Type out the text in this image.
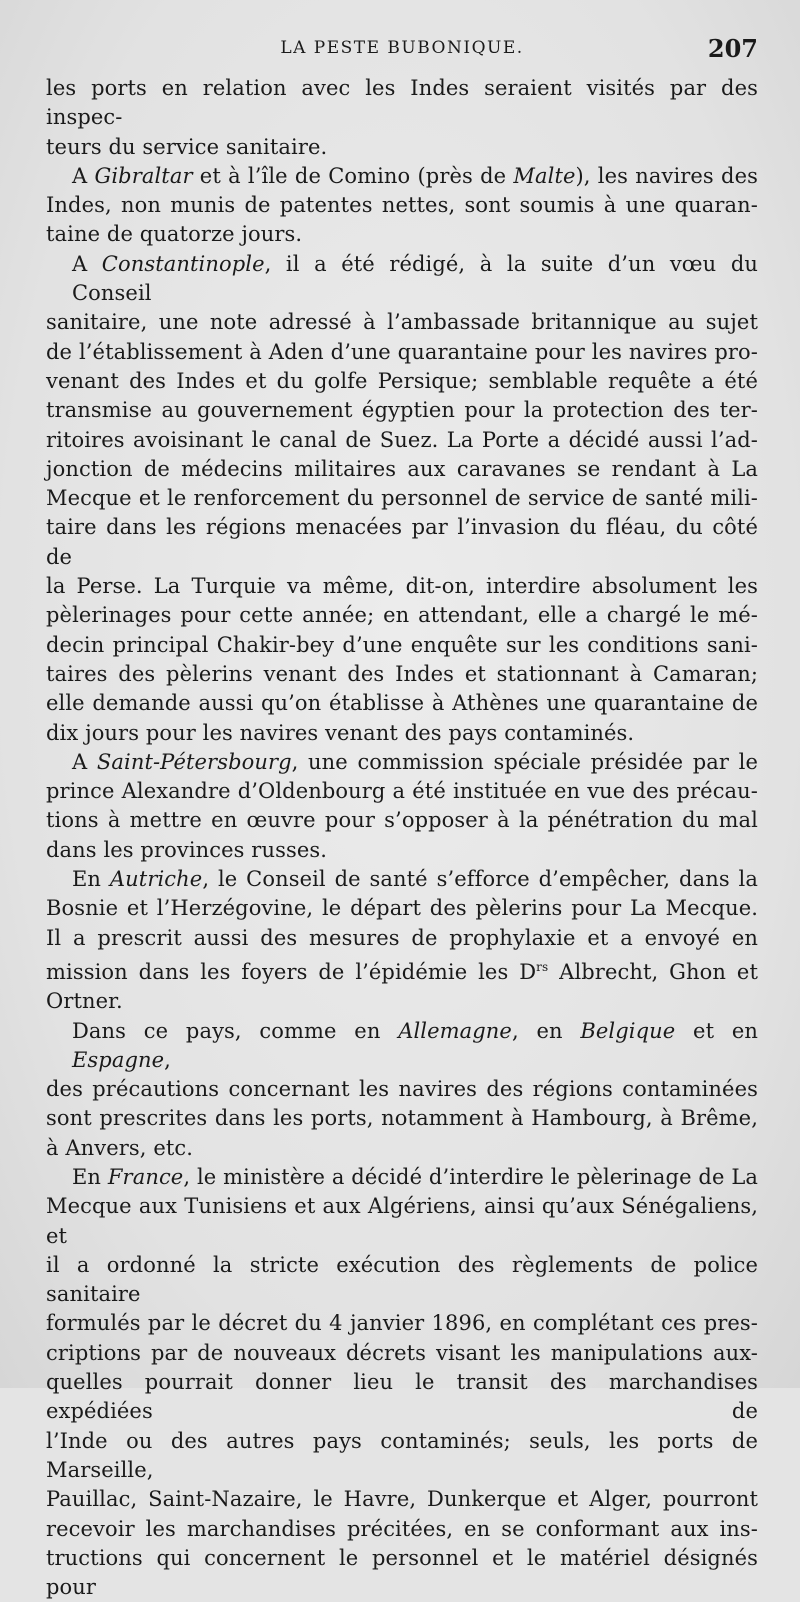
LA PESTE BUBONIQUE.	207
les ports en relation avec les Indes seraient visités par des inspec-
teurs du service sanitaire.
A Gibraltar et à l’île de Comino (près de Malte), les navires des
Indes, non munis de patentes nettes, sont soumis à une quaran-
taine de quatorze jours.
A Constantinople, il a été rédigé, à la suite d’un vœu du Conseil
sanitaire, une note adressé à l’ambassade britannique au sujet
de l’établissement à Aden d’une quarantaine pour les navires pro-
venant des Indes et du golfe Persique; semblable requête a été
transmise au gouvernement égyptien pour la protection des ter-
ritoires avoisinant le canal de Suez. La Porte a décidé aussi l’ad-
jonction de médecins militaires aux caravanes se rendant à La
Mecque et le renforcement du personnel de service de santé mili-
taire dans les régions menacées par l’invasion du fléau, du côté de
la Perse. La Turquie va même, dit-on, interdire absolument les
pèlerinages pour cette année; en attendant, elle a chargé le mé-
decin principal Chakir-bey d’une enquête sur les conditions sani-
taires des pèlerins venant des Indes et stationnant à Camaran;
elle demande aussi qu’on établisse à Athènes une quarantaine de
dix jours pour les navires venant des pays contaminés.
A Saint-Pétersbourg, une commission spéciale présidée par le
prince Alexandre d’Oldenbourg a été instituée en vue des précau-
tions à mettre en œuvre pour s’opposer à la pénétration du mal
dans les provinces russes.
En Autriche, le Conseil de santé s’efforce d’empêcher, dans la
Bosnie et l’Herzégovine, le départ des pèlerins pour La Mecque.
Il a prescrit aussi des mesures de prophylaxie et a envoyé en
mission dans les foyers de l’épidémie les $D^{rs}$ Albrecht, Ghon et
Ortner.
Dans ce pays, comme en Allemagne, en Belgique et en Espagne,
des précautions concernant les navires des régions contaminées
sont prescrites dans les ports, notamment à Hambourg, à Brême,
à Anvers, etc.
En France, le ministère a décidé d’interdire le pèlerinage de La
Mecque aux Tunisiens et aux Algériens, ainsi qu’aux Sénégaliens, et
il a ordonné la stricte exécution des règlements de police sanitaire
formulés par le décret du 4 janvier 1896, en complétant ces pres-
criptions par de nouveaux décrets visant les manipulations aux-
quelles pourrait donner lieu le transit des marchandises expédiées de
l’Inde ou des autres pays contaminés; seuls, les ports de Marseille,
Pauillac, Saint-Nazaire, le Havre, Dunkerque et Alger, pourront
recevoir les marchandises précitées, en se conformant aux ins-
tructions qui concernent le personnel et le matériel désignés pour
